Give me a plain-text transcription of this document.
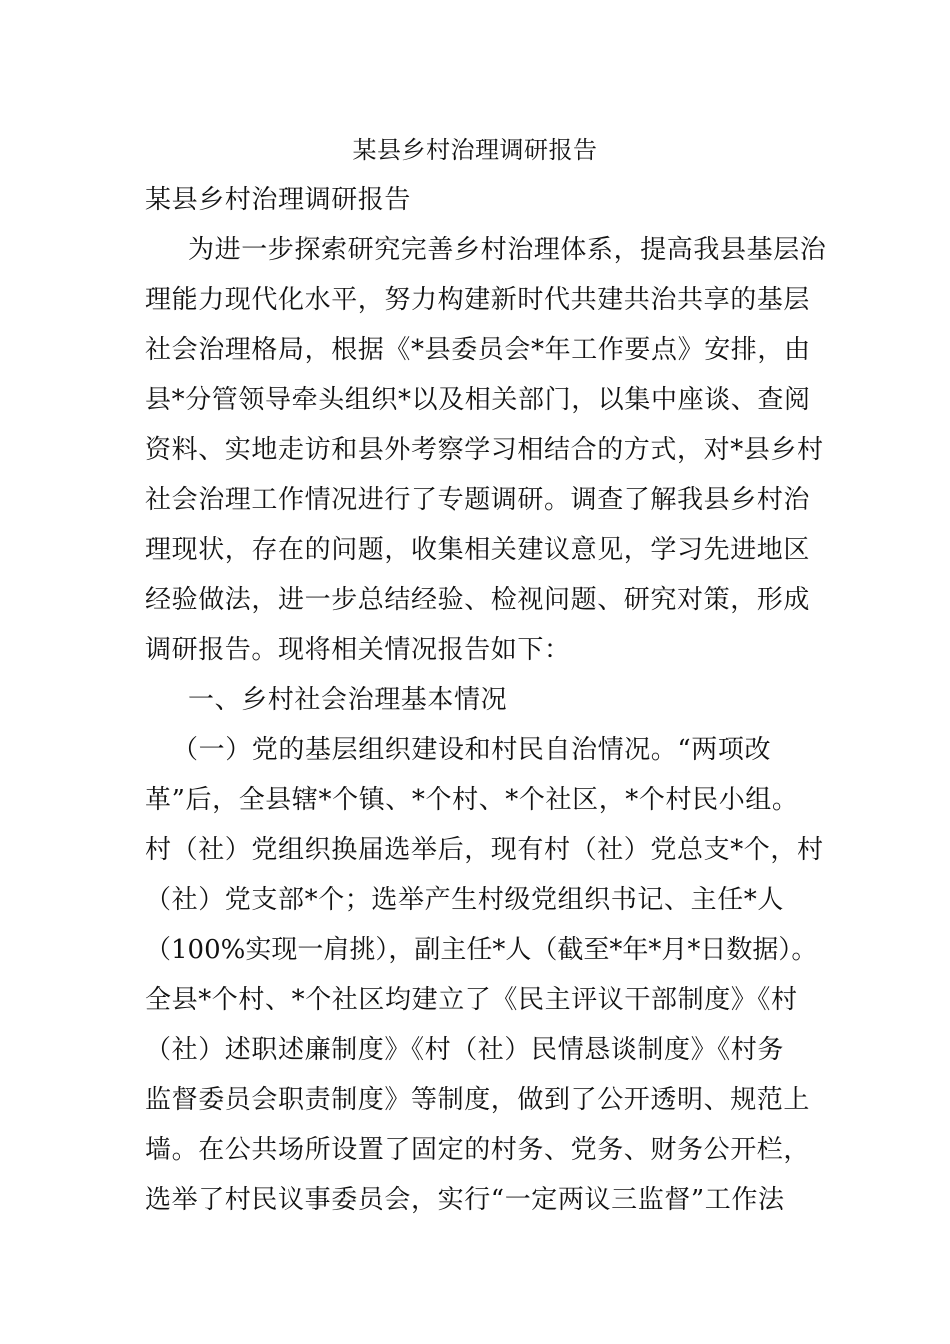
某县乡村治理调研报告
某县乡村治理调研报告
为进一步探索研究完善乡村治理体系，提高我县基层治
理能力现代化水平，努力构建新时代共建共治共享的基层
社会治理格局，根据《*县委员会*年工作要点》安排，由
县*分管领导牵头组织*以及相关部门，以集中座谈、查阅
资料、实地走访和县外考察学习相结合的方式，对*县乡村
社会治理工作情况进行了专题调研。调查了解我县乡村治
理现状，存在的问题，收集相关建议意见，学习先进地区
经验做法，进一步总结经验、检视问题、研究对策，形成
调研报告。现将相关情况报告如下：
一、乡村社会治理基本情况
（一）党的基层组织建设和村民自治情况。“两项改
革”后，全县辖*个镇、*个村、*个社区，*个村民小组。
村（社）党组织换届选举后，现有村（社）党总支*个，村
（社）党支部*个；选举产生村级党组织书记、主任*人
（100%实现一肩挑），副主任*人（截至*年*月*日数据）。
全县*个村、*个社区均建立了《民主评议干部制度》《村
（社）述职述廉制度》《村（社）民情恳谈制度》《村务
监督委员会职责制度》等制度，做到了公开透明、规范上
墙。在公共场所设置了固定的村务、党务、财务公开栏，
选举了村民议事委员会，实行“一定两议三监督”工作法
